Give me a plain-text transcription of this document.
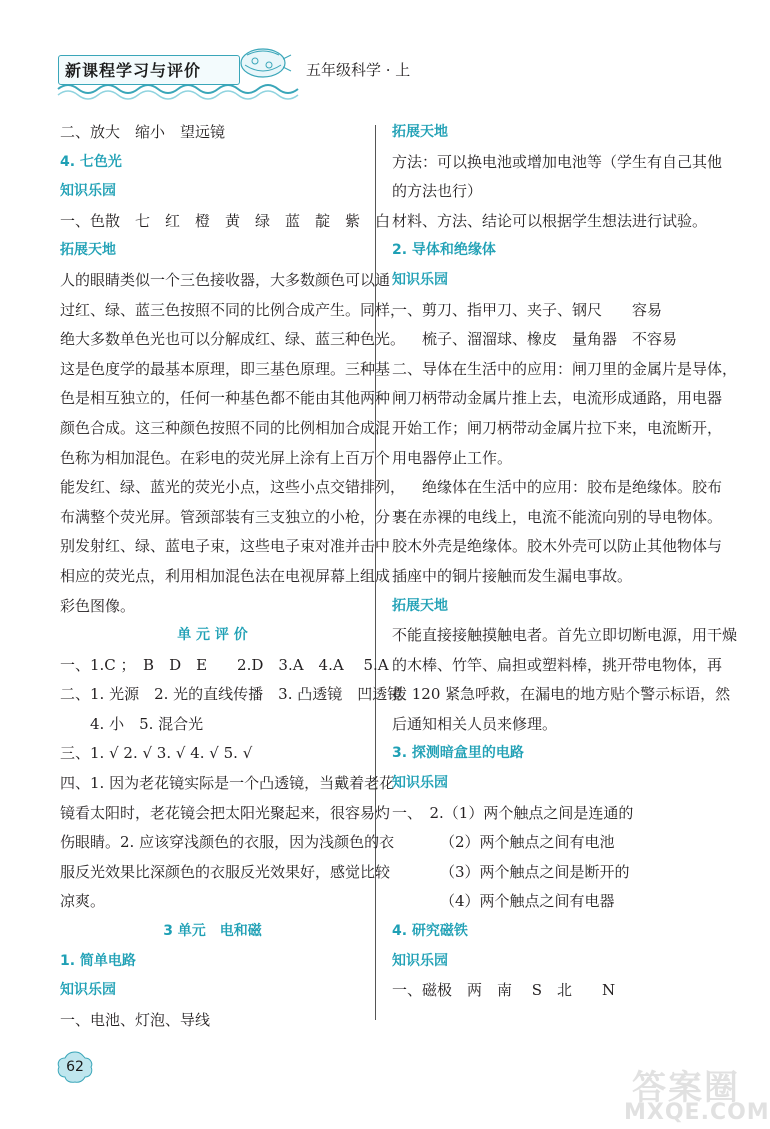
新课程学习与评价	五年级科学 · 上
二、放大　缩小　望远镜
4. 七色光
知识乐园
一、色散　七　红　橙　黄　绿　蓝　靛　紫　白
拓展天地
人的眼睛类似一个三色接收器，大多数颜色可以通
过红、绿、蓝三色按照不同的比例合成产生。同样，
绝大多数单色光也可以分解成红、绿、蓝三种色光。
这是色度学的最基本原理，即三基色原理。三种基
色是相互独立的，任何一种基色都不能由其他两种
颜色合成。这三种颜色按照不同的比例相加合成混
色称为相加混色。在彩电的荧光屏上涂有上百万个
能发红、绿、蓝光的荧光小点，这些小点交错排列，
布满整个荧光屏。管颈部装有三支独立的小枪，分
别发射红、绿、蓝电子束，这些电子束对准并击中
相应的荧光点，利用相加混色法在电视屏幕上组成
彩色图像。
单 元 评 价
一、1.C ；　B　D　E　　2.D　3.A　4.A　 5.A
二、1. 光源　2. 光的直线传播　3. 凸透镜　凹透镜
4. 小　5. 混合光
三、1. √ 2. √ 3. √ 4. √ 5. √
四、1. 因为老花镜实际是一个凸透镜，当戴着老花
镜看太阳时，老花镜会把太阳光聚起来，很容易灼
伤眼睛。2. 应该穿浅颜色的衣服，因为浅颜色的衣
服反光效果比深颜色的衣服反光效果好，感觉比较
凉爽。
3 单元　电和磁
1. 简单电路
知识乐园
一、电池、灯泡、导线
拓展天地
方法：可以换电池或增加电池等（学生有自己其他
的方法也行）
材料、方法、结论可以根据学生想法进行试验。
2. 导体和绝缘体
知识乐园
一、剪刀、指甲刀、夹子、钢尺　　容易
梳子、溜溜球、橡皮　量角器　不容易
二、导体在生活中的应用：闸刀里的金属片是导体，
闸刀柄带动金属片推上去，电流形成通路，用电器
开始工作；闸刀柄带动金属片拉下来，电流断开，
用电器停止工作。
绝缘体在生活中的应用：胶布是绝缘体。胶布
裹在赤裸的电线上，电流不能流向别的导电物体。
胶木外壳是绝缘体。胶木外壳可以防止其他物体与
插座中的铜片接触而发生漏电事故。
拓展天地
不能直接接触摸触电者。首先立即切断电源，用干燥
的木棒、竹竿、扁担或塑料棒，挑开带电物体，再
拨 120 紧急呼救，在漏电的地方贴个警示标语，然
后通知相关人员来修理。
3. 探测暗盒里的电路
知识乐园
一、　2.（1）两个触点之间是连通的
（2）两个触点之间有电池
（3）两个触点之间是断开的
（4）两个触点之间有电器
4. 研究磁铁
知识乐园
一、磁极　两　南　 S　北　　N
62
答案圈
MXQE.COM
